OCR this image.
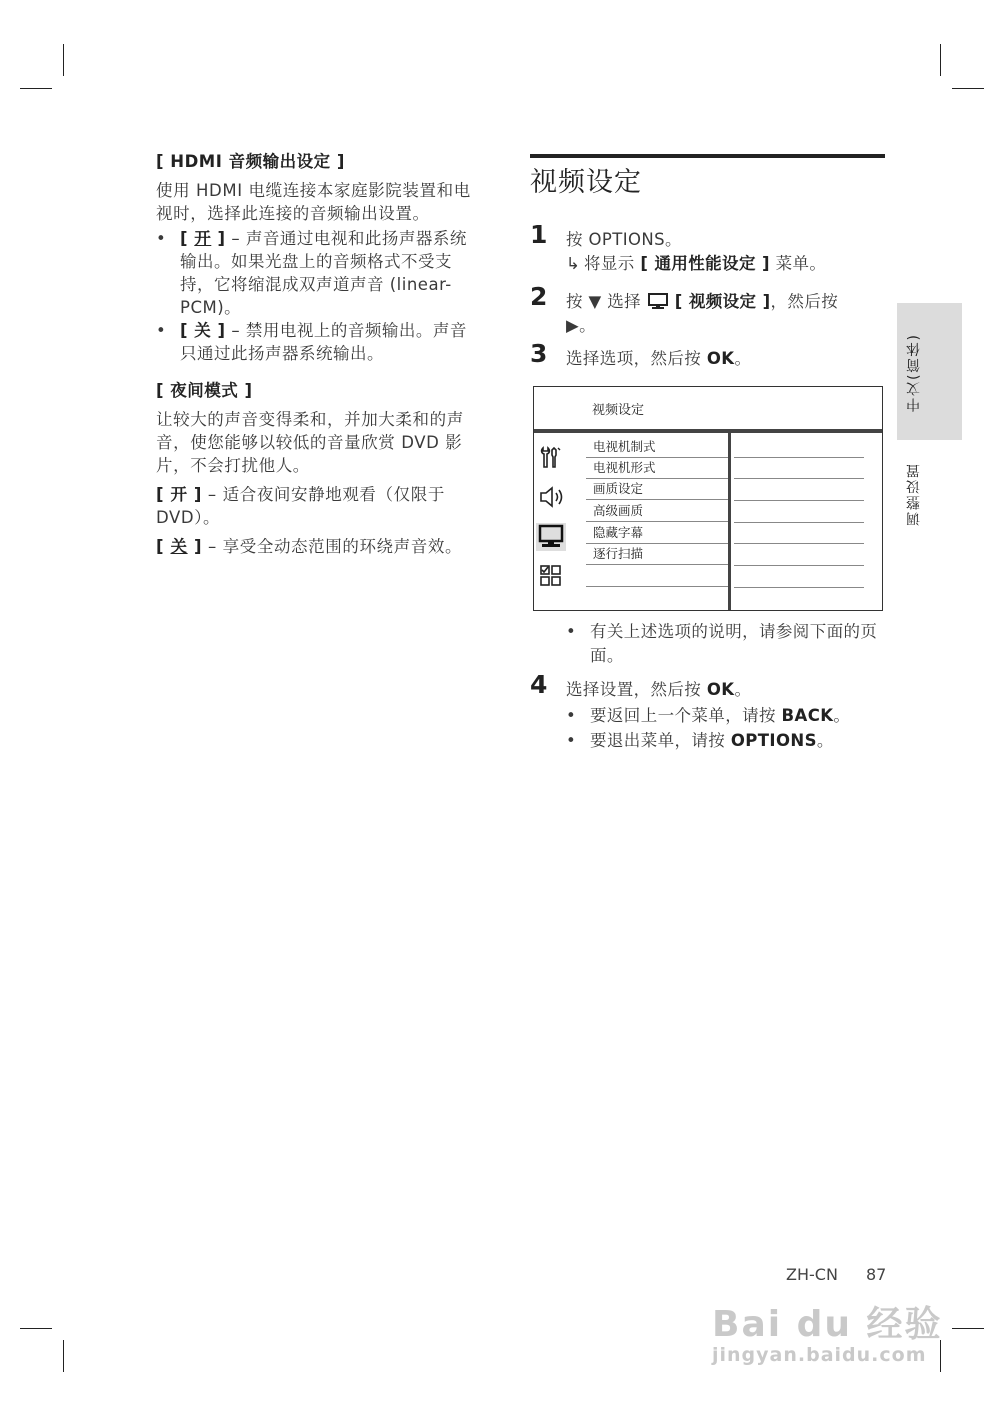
[ HDMI 音频输出设定 ]

使用 HDMI 电缆连接本家庭影院装置和电视时，选择此连接的音频输出设置。

• [ 开 ] – 声音通过电视和此扬声器系统输出。如果光盘上的音频格式不受支持，它将缩混成双声道声音 (linear-PCM)。

• [ 关 ] – 禁用电视上的音频输出。声音只通过此扬声器系统输出。

[ 夜间模式 ]

让较大的声音变得柔和，并加大柔和的声音，使您能够以较低的音量欣赏 DVD 影片，不会打扰他人。

[ 开 ] – 适合夜间安静地观看（仅限于 DVD）。

[ 关 ] – 享受全动态范围的环绕声音效。

视频设定
1 按 OPTIONS。
↳ 将显示 [ 通用性能设定 ] 菜单。
2 按 ▼ 选择 [ 视频设定 ]，然后按 ▶。
3 选择选项，然后按 OK。
视频设定
电视机制式
电视机形式
画质设定
高级画质
隐藏字幕
逐行扫描
• 有关上述选项的说明，请参阅下面的页面。
4 选择设置，然后按 OK。
• 要返回上一个菜单，请按 BACK。
• 要退出菜单，请按 OPTIONS。
中文(简体)
调整设置
ZH-CN 87
Bai du 经验
jingyan.baidu.com
